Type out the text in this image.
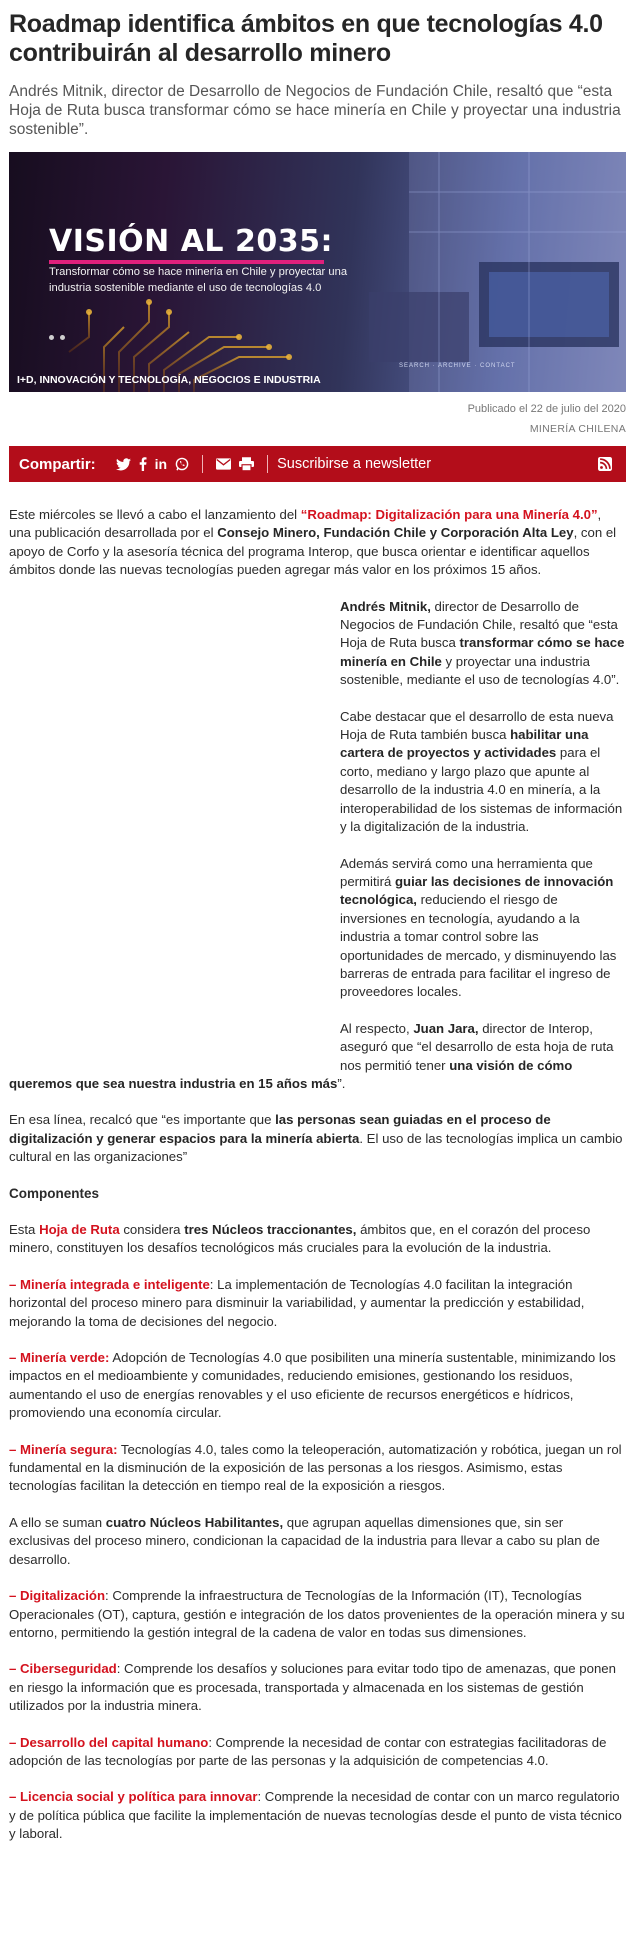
Roadmap identifica ámbitos en que tecnologías 4.0 contribuirán al desarrollo minero

Andrés Mitnik, director de Desarrollo de Negocios de Fundación Chile, resaltó que “esta Hoja de Ruta busca transformar cómo se hace minería en Chile y proyectar una industria sostenible”.

VISIÓN AL 2035:
Transformar cómo se hace minería en Chile y proyectar una industria sostenible mediante el uso de tecnologías 4.0
SEARCH · ARCHIVE · CONTACT
I+D, INNOVACIÓN Y TECNOLOGÍA, NEGOCIOS E INDUSTRIA
Publicado el 22 de julio del 2020
MINERÍA CHILENA
Compartir:	in	Suscribirse a newsletter

Este miércoles se llevó a cabo el lanzamiento del “Roadmap: Digitalización para una Minería 4.0”, una publicación desarrollada por el Consejo Minero, Fundación Chile y Corporación Alta Ley, con el apoyo de Corfo y la asesoría técnica del programa Interop, que busca orientar e identificar aquellos ámbitos donde las nuevas tecnologías pueden agregar más valor en los próximos 15 años.

Andrés Mitnik, director de Desarrollo de Negocios de Fundación Chile, resaltó que “esta Hoja de Ruta busca transformar cómo se hace minería en Chile y proyectar una industria sostenible, mediante el uso de tecnologías 4.0”.

Cabe destacar que el desarrollo de esta nueva Hoja de Ruta también busca habilitar una cartera de proyectos y actividades para el corto, mediano y largo plazo que apunte al desarrollo de la industria 4.0 en minería, a la interoperabilidad de los sistemas de información y la digitalización de la industria.

Además servirá como una herramienta que permitirá guiar las decisiones de innovación tecnológica, reduciendo el riesgo de inversiones en tecnología, ayudando a la industria a tomar control sobre las oportunidades de mercado, y disminuyendo las barreras de entrada para facilitar el ingreso de proveedores locales.

Al respecto, Juan Jara, director de Interop, aseguró que “el desarrollo de esta hoja de ruta nos permitió tener una visión de cómo

queremos que sea nuestra industria en 15 años más”.

En esa línea, recalcó que “es importante que las personas sean guiadas en el proceso de digitalización y generar espacios para la minería abierta. El uso de las tecnologías implica un cambio cultural en las organizaciones”

Componentes

Esta Hoja de Ruta considera tres Núcleos traccionantes, ámbitos que, en el corazón del proceso minero, constituyen los desafíos tecnológicos más cruciales para la evolución de la industria.

– Minería integrada e inteligente: La implementación de Tecnologías 4.0 facilitan la integración horizontal del proceso minero para disminuir la variabilidad, y aumentar la predicción y estabilidad, mejorando la toma de decisiones del negocio.

– Minería verde: Adopción de Tecnologías 4.0 que posibiliten una minería sustentable, minimizando los impactos en el medioambiente y comunidades, reduciendo emisiones, gestionando los residuos, aumentando el uso de energías renovables y el uso eficiente de recursos energéticos e hídricos, promoviendo una economía circular.

– Minería segura: Tecnologías 4.0, tales como la teleoperación, automatización y robótica, juegan un rol fundamental en la disminución de la exposición de las personas a los riesgos. Asimismo, estas tecnologías facilitan la detección en tiempo real de la exposición a riesgos.

A ello se suman cuatro Núcleos Habilitantes, que agrupan aquellas dimensiones que, sin ser exclusivas del proceso minero, condicionan la capacidad de la industria para llevar a cabo su plan de desarrollo.

– Digitalización: Comprende la infraestructura de Tecnologías de la Información (IT), Tecnologías Operacionales (OT), captura, gestión e integración de los datos provenientes de la operación minera y su entorno, permitiendo la gestión integral de la cadena de valor en todas sus dimensiones.

– Ciberseguridad: Comprende los desafíos y soluciones para evitar todo tipo de amenazas, que ponen en riesgo la información que es procesada, transportada y almacenada en los sistemas de gestión utilizados por la industria minera.

– Desarrollo del capital humano: Comprende la necesidad de contar con estrategias facilitadoras de adopción de las tecnologías por parte de las personas y la adquisición de competencias 4.0.

– Licencia social y política para innovar: Comprende la necesidad de contar con un marco regulatorio y de política pública que facilite la implementación de nuevas tecnologías desde el punto de vista técnico y laboral.
